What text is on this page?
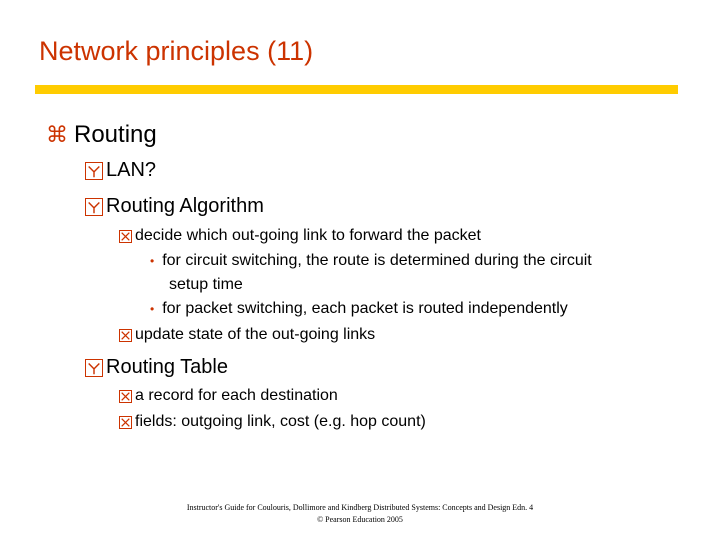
Network principles (11)
⌘ Routing
LAN?
Routing Algorithm
decide which out-going link to forward the packet
• for circuit switching, the route is determined during the circuit
setup time
• for packet switching, each packet is routed independently
update state of the out-going links
Routing Table
a record for each destination
fields: outgoing link, cost (e.g. hop count)
Instructor's Guide for Coulouris, Dollimore and Kindberg Distributed Systems: Concepts and Design Edn. 4
© Pearson Education 2005
